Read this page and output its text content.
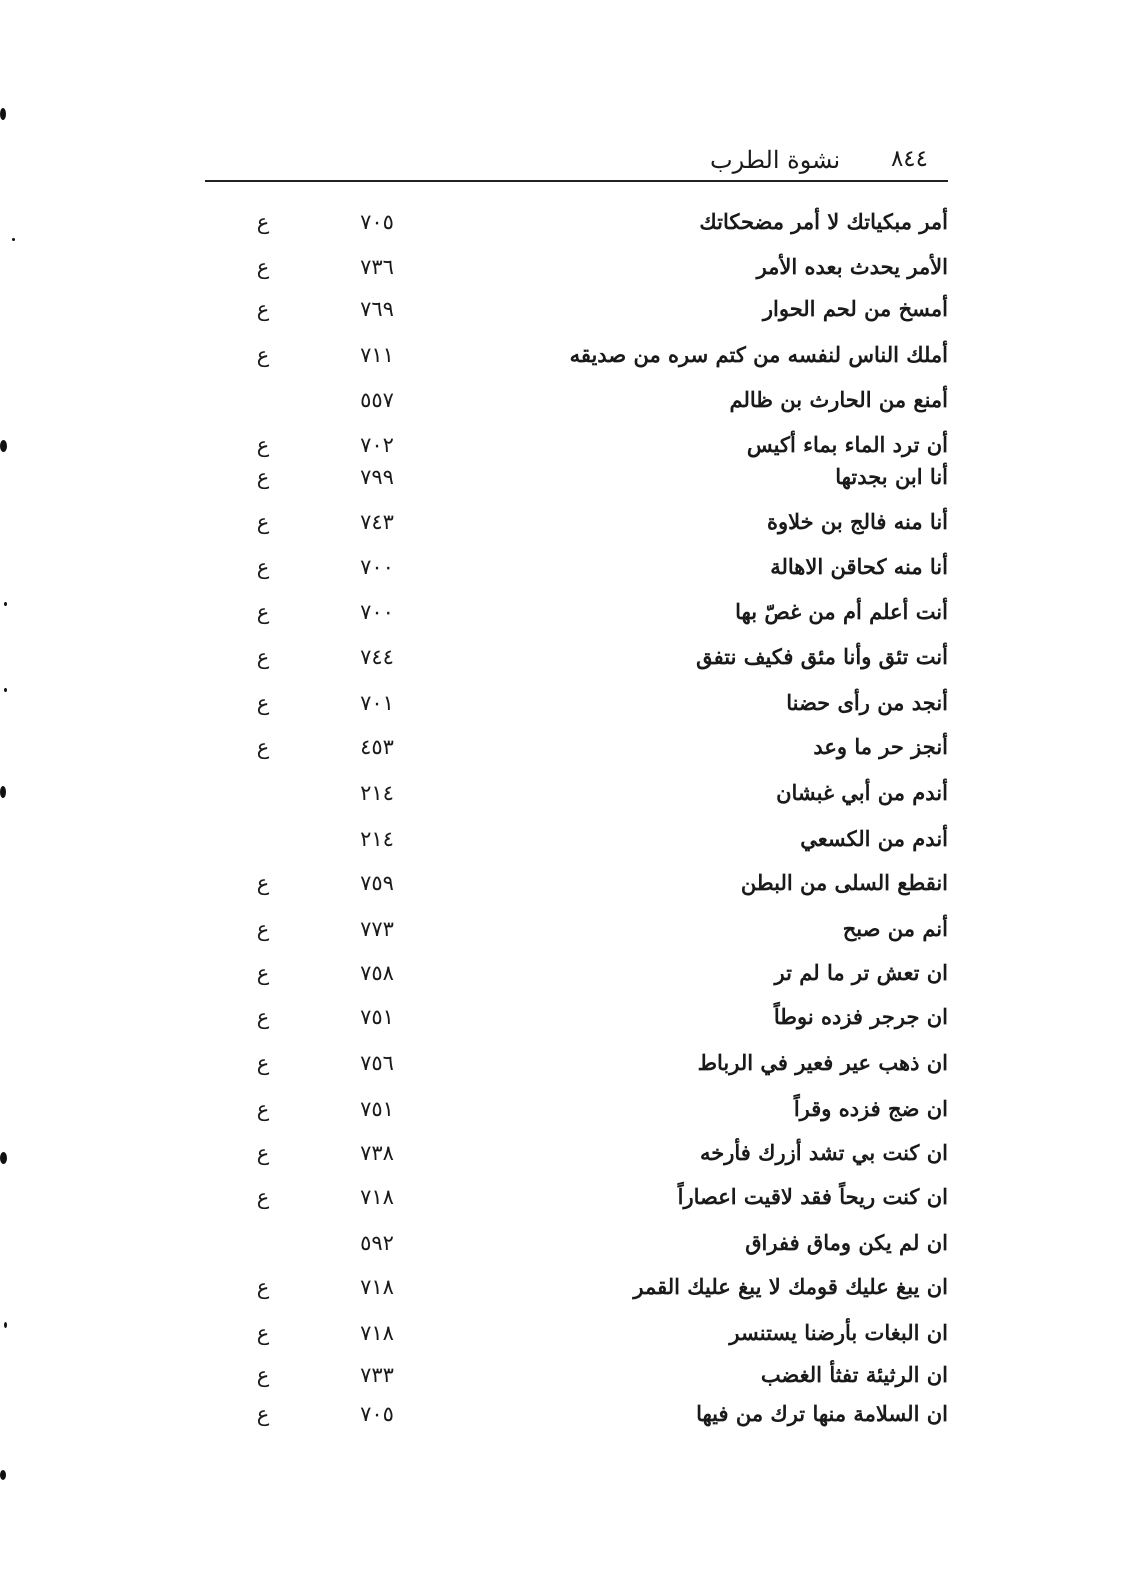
نشوة الطرب ٨٤٤
أمر مبكياتك لا أمر مضحكاتك
٧٠٥
ع
الأمر يحدث بعده الأمر
٧٣٦
ع
أمسخ من لحم الحوار
٧٦٩
ع
أملك الناس لنفسه من كتم سره من صديقه
٧١١
ع
أمنع من الحارث بن ظالم
٥٥٧
أن ترد الماء بماء أكيس
٧٠٢
ع
أنا ابن بجدتها
٧٩٩
ع
أنا منه فالج بن خلاوة
٧٤٣
ع
أنا منه كحاقن الاهالة
٧٠٠
ع
أنت أعلم أم من غصّ بها
٧٠٠
ع
أنت تئق وأنا مئق فكيف نتفق
٧٤٤
ع
أنجد من رأى حضنا
٧٠١
ع
أنجز حر ما وعد
٤٥٣
ع
أندم من أبي غبشان
٢١٤
أندم من الكسعي
٢١٤
انقطع السلى من البطن
٧٥٩
ع
أنم من صبح
٧٧٣
ع
ان تعش تر ما لم تر
٧٥٨
ع
ان جرجر فزده نوطاً
٧٥١
ع
ان ذهب عير فعير في الرباط
٧٥٦
ع
ان ضج فزده وقراً
٧٥١
ع
ان كنت بي تشد أزرك فأرخه
٧٣٨
ع
ان كنت ريحاً فقد لاقيت اعصاراً
٧١٨
ع
ان لم يكن وماق ففراق
٥٩٢
ان يبغ عليك قومك لا يبغ عليك القمر
٧١٨
ع
ان البغات بأرضنا يستنسر
٧١٨
ع
ان الرثيئة تفثأ الغضب
٧٣٣
ع
ان السلامة منها ترك من فيها
٧٠٥
ع
